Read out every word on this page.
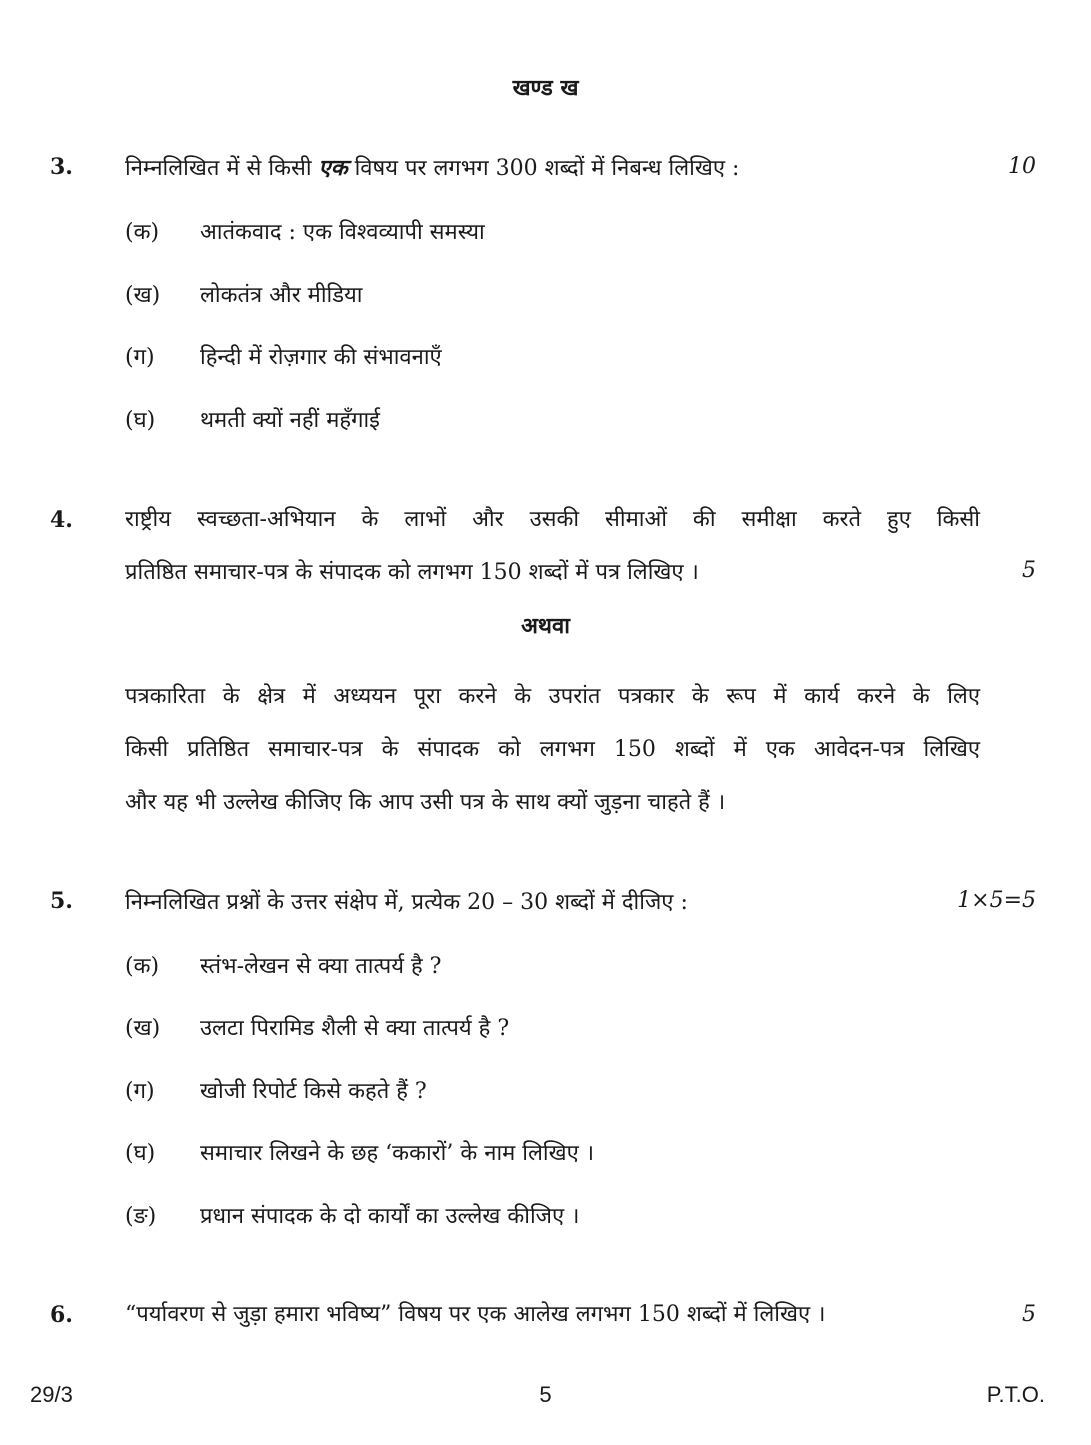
खण्ड ख
3. निम्नलिखित में से किसी एक विषय पर लगभग 300 शब्दों में निबन्ध लिखिए :	10
(क) आतंकवाद : एक विश्वव्यापी समस्या
(ख) लोकतंत्र और मीडिया
(ग) हिन्दी में रोज़गार की संभावनाएँ
(घ) थमती क्यों नहीं महँगाई
4. राष्ट्रीय स्वच्छता-अभियान के लाभों और उसकी सीमाओं की समीक्षा करते हुए किसी
प्रतिष्ठित समाचार-पत्र के संपादक को लगभग 150 शब्दों में पत्र लिखिए ।	5
अथवा
पत्रकारिता के क्षेत्र में अध्ययन पूरा करने के उपरांत पत्रकार के रूप में कार्य करने के लिए
किसी प्रतिष्ठित समाचार-पत्र के संपादक को लगभग 150 शब्दों में एक आवेदन-पत्र लिखिए
और यह भी उल्लेख कीजिए कि आप उसी पत्र के साथ क्यों जुड़ना चाहते हैं ।
5. निम्नलिखित प्रश्नों के उत्तर संक्षेप में, प्रत्येक 20 – 30 शब्दों में दीजिए :	1×5=5
(क) स्तंभ-लेखन से क्या तात्पर्य है ?
(ख) उलटा पिरामिड शैली से क्या तात्पर्य है ?
(ग) खोजी रिपोर्ट किसे कहते हैं ?
(घ) समाचार लिखने के छह ‘ककारों’ के नाम लिखिए ।
(ङ) प्रधान संपादक के दो कार्यों का उल्लेख कीजिए ।
6. “पर्यावरण से जुड़ा हमारा भविष्य” विषय पर एक आलेख लगभग 150 शब्दों में लिखिए ।	5
29/3	5	P.T.O.
